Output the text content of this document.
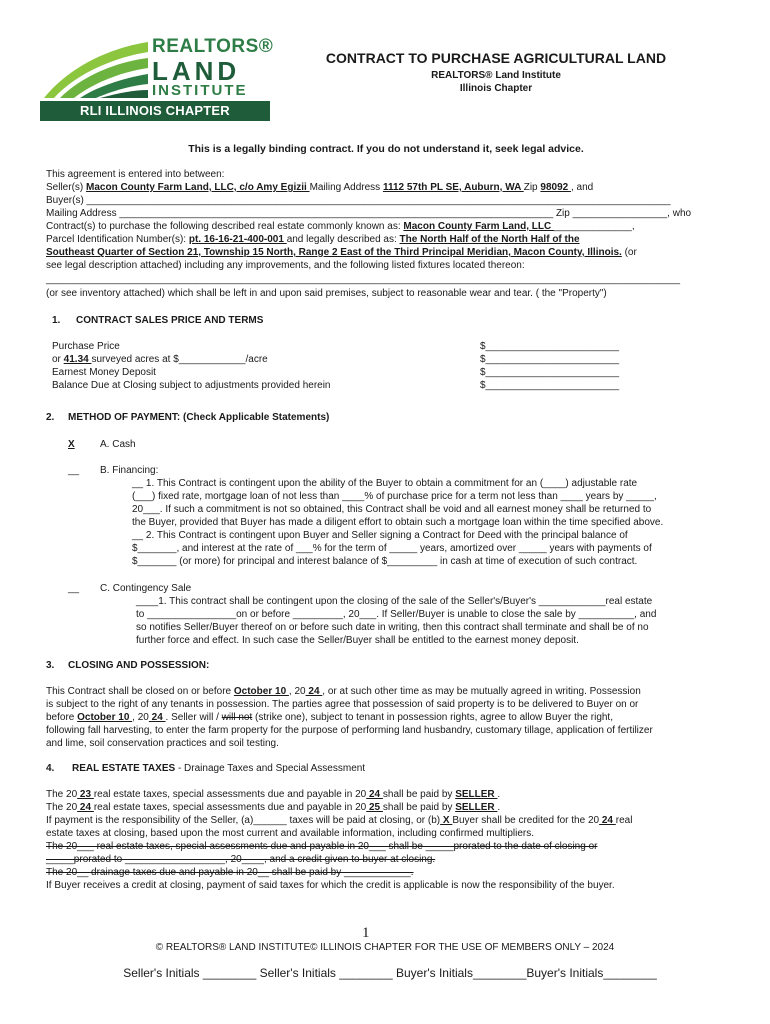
REALTORS®
LAND
INSTITUTE
RLI ILLINOIS CHAPTER
CONTRACT TO PURCHASE AGRICULTURAL LAND
REALTORS® Land Institute
Illinois Chapter
This is a legally binding contract. If you do not understand it, seek legal advice.
This agreement is entered into between:
Seller(s) Macon County Farm Land, LLC, c/o Amy Egizii Mailing Address 1112 57th PL SE, Auburn, WA Zip 98092 , and
Buyer(s) _________________________________________________________________________________________________________
Mailing Address ______________________________________________________________________________ Zip _________________, who
Contract(s) to purchase the following described real estate commonly known as: Macon County Farm Land, LLC ______________,
Parcel Identification Number(s): pt. 16-16-21-400-001 and legally described as: The North Half of the North Half of the
Southeast Quarter of Section 21, Township 15 North, Range 2 East of the Third Principal Meridian, Macon County, Illinois. (or
see legal description attached) including any improvements, and the following listed fixtures located thereon:
__________________________________________________________________________________________________________________
(or see inventory attached) which shall be left in and upon said premises, subject to reasonable wear and tear. ( the "Property")
1. CONTRACT SALES PRICE AND TERMS
Purchase Price
or 41.34 surveyed acres at $____________/acre
Earnest Money Deposit
Balance Due at Closing subject to adjustments provided herein
$________________________
$________________________
$________________________
$________________________
2. METHOD OF PAYMENT: (Check Applicable Statements)
X	A. Cash
__ B. Financing:
__ 1. This Contract is contingent upon the ability of the Buyer to obtain a commitment for an (____) adjustable rate
(___) fixed rate, mortgage loan of not less than ____% of purchase price for a term not less than ____ years by _____,
20___. If such a commitment is not so obtained, this Contract shall be void and all earnest money shall be returned to
the Buyer, provided that Buyer has made a diligent effort to obtain such a mortgage loan within the time specified above.
__ 2. This Contract is contingent upon Buyer and Seller signing a Contract for Deed with the principal balance of
$_______, and interest at the rate of ___% for the term of _____ years, amortized over _____ years with payments of
$_______ (or more) for principal and interest balance of $_________ in cash at time of execution of such contract.
__ C. Contingency Sale
____1. This contract shall be contingent upon the closing of the sale of the Seller's/Buyer's ____________real estate
to ________________on or before _________, 20___. If Seller/Buyer is unable to close the sale by __________, and
so notifies Seller/Buyer thereof on or before such date in writing, then this contract shall terminate and shall be of no
further force and effect. In such case the Seller/Buyer shall be entitled to the earnest money deposit.
3. CLOSING AND POSSESSION:
This Contract shall be closed on or before October 10 , 20 24 , or at such other time as may be mutually agreed in writing. Possession
is subject to the right of any tenants in possession. The parties agree that possession of said property is to be delivered to Buyer on or
before October 10 , 20 24 . Seller will / will not (strike one), subject to tenant in possession rights, agree to allow Buyer the right,
following fall harvesting, to enter the farm property for the purpose of performing land husbandry, customary tillage, application of fertilizer
and lime, soil conservation practices and soil testing.
4. REAL ESTATE TAXES - Drainage Taxes and Special Assessment
The 20 23 real estate taxes, special assessments due and payable in 20 24 shall be paid by SELLER .
The 20 24 real estate taxes, special assessments due and payable in 20 25 shall be paid by SELLER .
If payment is the responsibility of the Seller, (a)______ taxes will be paid at closing, or (b) X Buyer shall be credited for the 20 24 real
estate taxes at closing, based upon the most current and available information, including confirmed multipliers.
The 20___ real estate taxes, special assessments due and payable in 20___ shall be _____prorated to the date of closing or
_____prorated to __________________, 20____, and a credit given to buyer at closing.
The 20__ drainage taxes due and payable in 20__ shall be paid by ____________.
If Buyer receives a credit at closing, payment of said taxes for which the credit is applicable is now the responsibility of the buyer.
1
© REALTORS® LAND INSTITUTE© ILLINOIS CHAPTER FOR THE USE OF MEMBERS ONLY – 2024
Seller's Initials ________ Seller's Initials ________ Buyer's Initials________Buyer's Initials________
